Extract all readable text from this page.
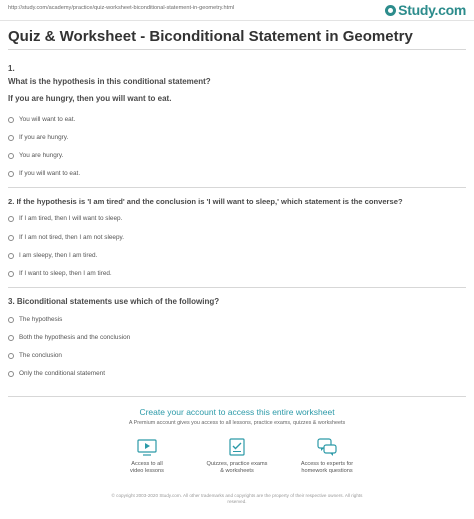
http://study.com/academy/practice/quiz-worksheet-biconditional-statement-in-geometry.html	Study.com
Quiz & Worksheet - Biconditional Statement in Geometry
1.
What is the hypothesis in this conditional statement?
If you are hungry, then you will want to eat.
You will want to eat.
If you are hungry.
You are hungry.
If you will want to eat.
2. If the hypothesis is 'I am tired' and the conclusion is 'I will want to sleep,' which statement is the converse?
If I am tired, then I will want to sleep.
If I am not tired, then I am not sleepy.
I am sleepy, then I am tired.
If I want to sleep, then I am tired.
3. Biconditional statements use which of the following?
The hypothesis
Both the hypothesis and the conclusion
The conclusion
Only the conditional statement
Create your account to access this entire worksheet
A Premium account gives you access to all lessons, practice exams, quizzes & worksheets
Access to all
video lessons
Quizzes, practice exams
& worksheets
Access to experts for
homework questions
© copyright 2003-2020 Study.com. All other trademarks and copyrights are the property of their respective owners. All rights
reserved.
